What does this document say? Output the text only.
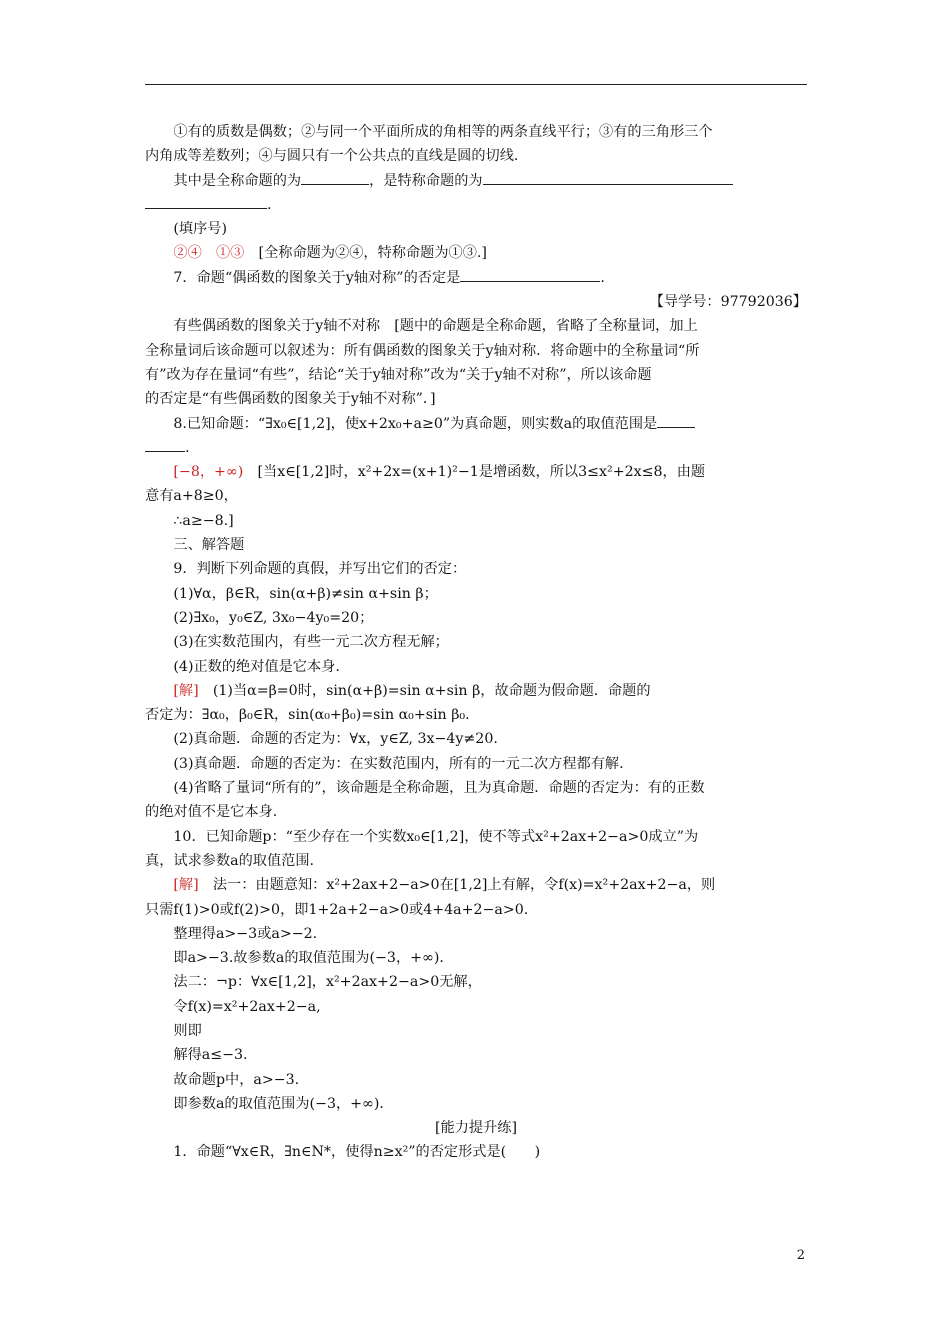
①有的质数是偶数；②与同一个平面所成的角相等的两条直线平行；③有的三角形三个

内角成等差数列；④与圆只有一个公共点的直线是圆的切线.

其中是全称命题的为	，是特称命题的为

.

(填序号)

②④　①③　[全称命题为②④，特称命题为①③.]

7．命题“偶函数的图象关于y轴对称”的否定是	.

【导学号：97792036】

有些偶函数的图象关于y轴不对称　[题中的命题是全称命题，省略了全称量词，加上

全称量词后该命题可以叙述为：所有偶函数的图象关于y轴对称．将命题中的全称量词“所

有”改为存在量词“有些”，结论“关于y轴对称”改为“关于y轴不对称”，所以该命题

的否定是“有些偶函数的图象关于y轴不对称”．]

8.已知命题：“∃x₀∈[1,2]，使x+2x₀+a≥0”为真命题，则实数a的取值范围是

.

[−8，+∞)　[当x∈[1,2]时，x²+2x=(x+1)²−1是增函数，所以3≤x²+2x≤8，由题

意有a+8≥0，

∴a≥−8.]

三、解答题

9．判断下列命题的真假，并写出它们的否定：

(1)∀α，β∈R，sin(α+β)≠sin α+sin β；

(2)∃x₀，y₀∈Z, 3x₀−4y₀=20；

(3)在实数范围内，有些一元二次方程无解；

(4)正数的绝对值是它本身.

[解]　(1)当α=β=0时，sin(α+β)=sin α+sin β，故命题为假命题．命题的

否定为：∃α₀，β₀∈R，sin(α₀+β₀)=sin α₀+sin β₀.

(2)真命题．命题的否定为：∀x，y∈Z, 3x−4y≠20.

(3)真命题．命题的否定为：在实数范围内，所有的一元二次方程都有解.

(4)省略了量词“所有的”，该命题是全称命题，且为真命题．命题的否定为：有的正数

的绝对值不是它本身.

10．已知命题p：“至少存在一个实数x₀∈[1,2]，使不等式x²+2ax+2−a>0成立”为

真，试求参数a的取值范围.

[解]　法一：由题意知：x²+2ax+2−a>0在[1,2]上有解，令f(x)=x²+2ax+2−a，则

只需f(1)>0或f(2)>0，即1+2a+2−a>0或4+4a+2−a>0.

整理得a>−3或a>−2.

即a>−3.故参数a的取值范围为(−3，+∞)．

法二：¬p：∀x∈[1,2]，x²+2ax+2−a>0无解，

令f(x)=x²+2ax+2−a,

则即

解得a≤−3.

故命题p中，a>−3.

即参数a的取值范围为(−3，+∞)．

[能力提升练]

1．命题“∀x∈R，∃n∈N*，使得n≥x²”的否定形式是(　　)

2
